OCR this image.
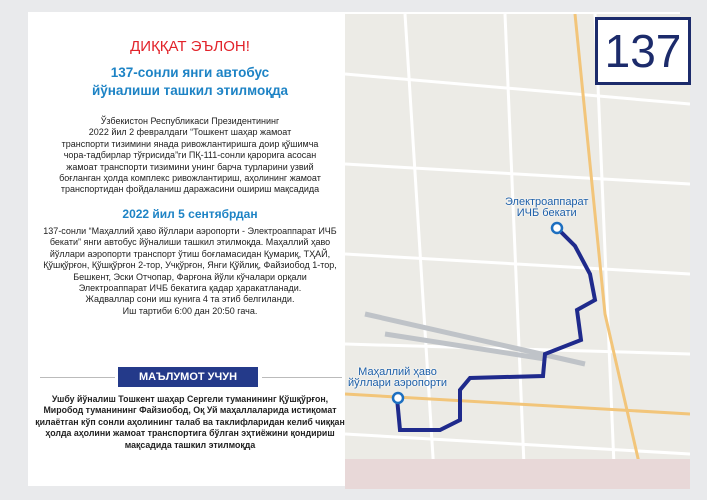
ДИҚҚАТ ЭЪЛОН!
137-сонли янги автобус
йўналиши ташкил этилмоқда
Ўзбекистон Республикаси Президентининг
2022 йил 2 февралдаги “Тошкент шаҳар жамоат
транспорти тизимини янада ривожлантиришга доир қўшимча
чора-тадбирлар тўғрисида”ги ПҚ-111-сонли қарорига асосан
жамоат транспорти тизимини унинг барча турларини узвий
боғланган ҳолда комплекс ривожлантириш, аҳолининг жамоат
транспортидан фойдаланиш даражасини ошириш мақсадида
2022 йил 5 сентябрдан
137-сонли “Маҳаллий ҳаво йўллари аэропорти - Электроаппарат ИЧБ
бекати” янги автобус йўналиши ташкил этилмоқда. Маҳаллий ҳаво
йўллари аэропорти транспорт ўтиш боғламасидан Қумариқ, ТҲАЙ,
Қўшқўрғон, Қўшқўрғон 2-тор, Учқўрғон, Янги Қўйлиқ, Файзиобод 1-тор,
Бешкент, Эски Отчопар, Фарғона йўли кўчалари орқали
Электроаппарат ИЧБ бекатига қадар ҳаракатланади.
Жадваллар сони иш кунига 4 та этиб белгиланди.
Иш тартиби 6:00 дан 20:50 гача.
МАЪЛУМОТ УЧУН
Ушбу йўналиш Тошкент шаҳар Сергели туманининг Қўшқўрғон,
Миробод туманининг Файзиобод, Оқ Уй маҳаллаларида истиқомат
қилаётган кўп сонли аҳолининг талаб ва таклифларидан келиб чиққан
ҳолда аҳолини жамоат транспортига бўлган эҳтиёжини қондириш
мақсадида ташкил этилмоқда
Электроаппарат
ИЧБ бекати
Маҳаллий ҳаво
йўллари аэропорти
137
